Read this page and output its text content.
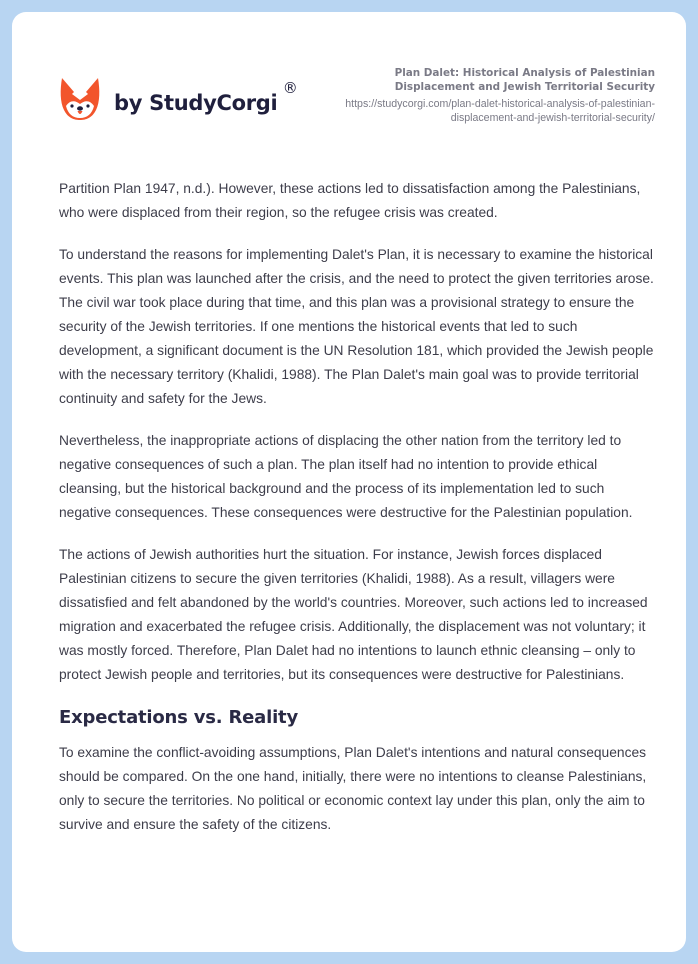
by StudyCorgi
®
Plan Dalet: Historical Analysis of Palestinian Displacement and Jewish Territorial Security
https://studycorgi.com/plan-dalet-historical-analysis-of-palestinian-displacement-and-jewish-territorial-security/

Partition Plan 1947, n.d.). However, these actions led to dissatisfaction among the Palestinians, who were displaced from their region, so the refugee crisis was created.

To understand the reasons for implementing Dalet's Plan, it is necessary to examine the historical events. This plan was launched after the crisis, and the need to protect the given territories arose. The civil war took place during that time, and this plan was a provisional strategy to ensure the security of the Jewish territories. If one mentions the historical events that led to such development, a significant document is the UN Resolution 181, which provided the Jewish people with the necessary territory (Khalidi, 1988). The Plan Dalet's main goal was to provide territorial continuity and safety for the Jews.

Nevertheless, the inappropriate actions of displacing the other nation from the territory led to negative consequences of such a plan. The plan itself had no intention to provide ethical cleansing, but the historical background and the process of its implementation led to such negative consequences. These consequences were destructive for the Palestinian population.

The actions of Jewish authorities hurt the situation. For instance, Jewish forces displaced Palestinian citizens to secure the given territories (Khalidi, 1988). As a result, villagers were dissatisfied and felt abandoned by the world's countries. Moreover, such actions led to increased migration and exacerbated the refugee crisis. Additionally, the displacement was not voluntary; it was mostly forced. Therefore, Plan Dalet had no intentions to launch ethnic cleansing – only to protect Jewish people and territories, but its consequences were destructive for Palestinians.

Expectations vs. Reality

To examine the conflict-avoiding assumptions, Plan Dalet's intentions and natural consequences should be compared. On the one hand, initially, there were no intentions to cleanse Palestinians, only to secure the territories. No political or economic context lay under this plan, only the aim to survive and ensure the safety of the citizens.
